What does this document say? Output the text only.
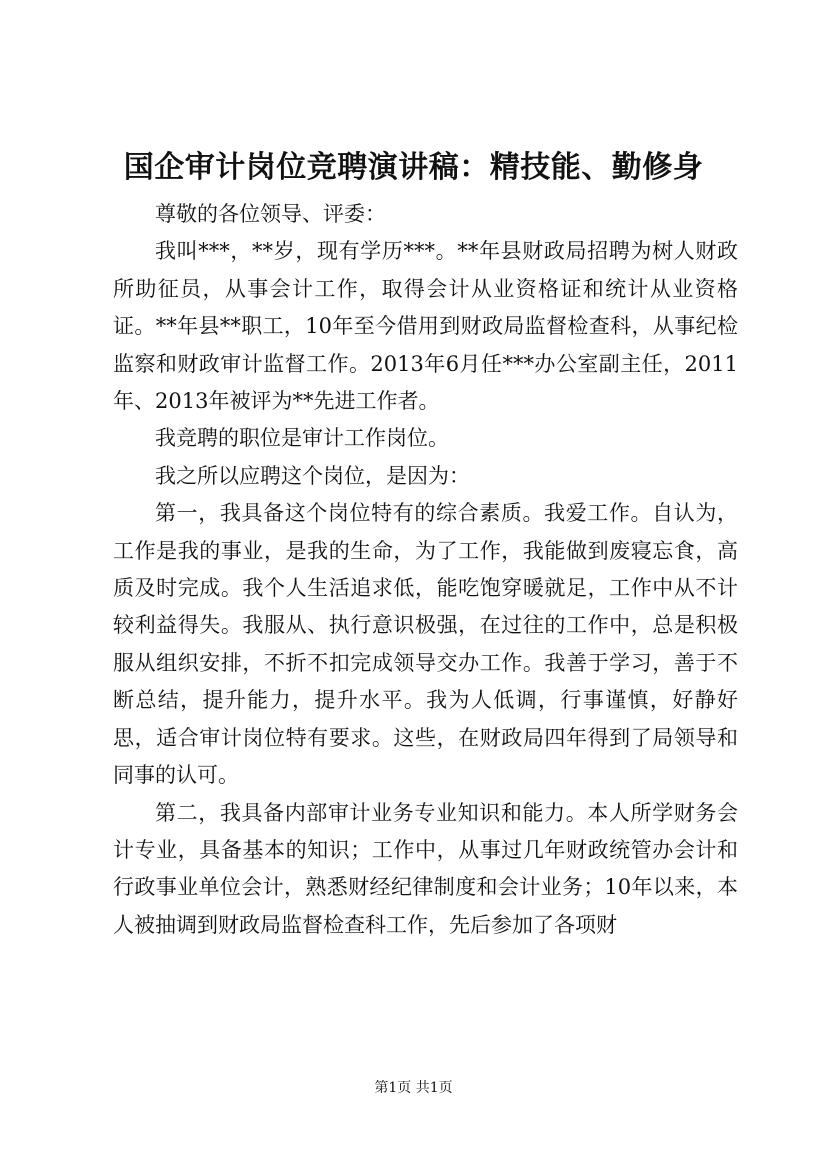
国企审计岗位竞聘演讲稿：精技能、勤修身

尊敬的各位领导、评委：

我叫***，**岁，现有学历***。**年县财政局招聘为树人财政所助征员，从事会计工作，取得会计从业资格证和统计从业资格证。**年县**职工，10年至今借用到财政局监督检查科，从事纪检监察和财政审计监督工作。2013年6月任***办公室副主任，2011年、2013年被评为**先进工作者。

我竞聘的职位是审计工作岗位。

我之所以应聘这个岗位，是因为：

第一，我具备这个岗位特有的综合素质。我爱工作。自认为，工作是我的事业，是我的生命，为了工作，我能做到废寝忘食，高质及时完成。我个人生活追求低，能吃饱穿暖就足，工作中从不计较利益得失。我服从、执行意识极强，在过往的工作中，总是积极服从组织安排，不折不扣完成领导交办工作。我善于学习，善于不断总结，提升能力，提升水平。我为人低调，行事谨慎，好静好思，适合审计岗位特有要求。这些，在财政局四年得到了局领导和同事的认可。

第二，我具备内部审计业务专业知识和能力。本人所学财务会计专业，具备基本的知识；工作中，从事过几年财政统管办会计和行政事业单位会计，熟悉财经纪律制度和会计业务；10年以来，本人被抽调到财政局监督检查科工作，先后参加了各项财

第1页 共1页
